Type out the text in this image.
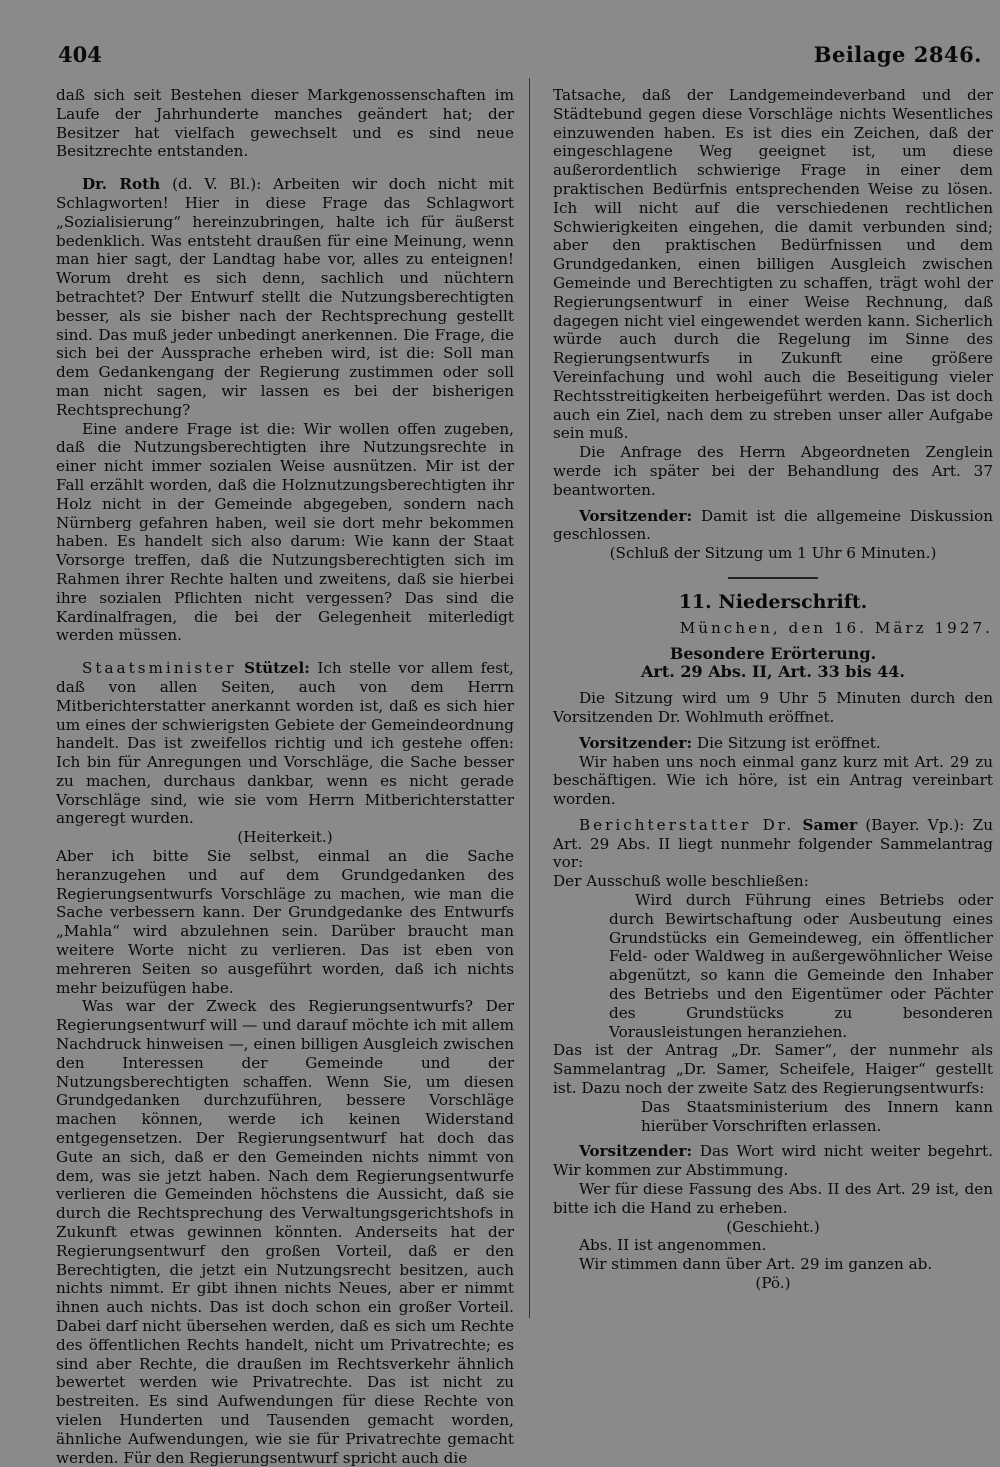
404	Beilage 2846.

daß sich seit Bestehen dieser Markgenossenschaften im Laufe der Jahrhunderte manches geändert hat; der Besitzer hat vielfach gewechselt und es sind neue Besitzrechte entstanden.

Dr. Roth (d. V. Bl.): Arbeiten wir doch nicht mit Schlagworten! Hier in diese Frage das Schlagwort „Sozialisierung“ hereinzubringen, halte ich für äußerst bedenklich. Was entsteht draußen für eine Meinung, wenn man hier sagt, der Landtag habe vor, alles zu enteignen! Worum dreht es sich denn, sachlich und nüchtern betrachtet? Der Entwurf stellt die Nutzungsberechtigten besser, als sie bisher nach der Rechtsprechung gestellt sind. Das muß jeder unbedingt anerkennen. Die Frage, die sich bei der Aussprache erheben wird, ist die: Soll man dem Gedankengang der Regierung zustimmen oder soll man nicht sagen, wir lassen es bei der bisherigen Rechtsprechung?

Eine andere Frage ist die: Wir wollen offen zugeben, daß die Nutzungsberechtigten ihre Nutzungsrechte in einer nicht immer sozialen Weise ausnützen. Mir ist der Fall erzählt worden, daß die Holznutzungsberechtigten ihr Holz nicht in der Gemeinde abgegeben, sondern nach Nürnberg gefahren haben, weil sie dort mehr bekommen haben. Es handelt sich also darum: Wie kann der Staat Vorsorge treffen, daß die Nutzungsberechtigten sich im Rahmen ihrer Rechte halten und zweitens, daß sie hierbei ihre sozialen Pflichten nicht vergessen? Das sind die Kardinalfragen, die bei der Gelegenheit miterledigt werden müssen.

Staatsminister Stützel: Ich stelle vor allem fest, daß von allen Seiten, auch von dem Herrn Mitberichterstatter anerkannt worden ist, daß es sich hier um eines der schwierigsten Gebiete der Gemeindeordnung handelt. Das ist zweifellos richtig und ich gestehe offen: Ich bin für Anregungen und Vorschläge, die Sache besser zu machen, durchaus dankbar, wenn es nicht gerade Vorschläge sind, wie sie vom Herrn Mitberichterstatter angeregt wurden.

(Heiterkeit.)

Aber ich bitte Sie selbst, einmal an die Sache heranzugehen und auf dem Grundgedanken des Regierungsentwurfs Vorschläge zu machen, wie man die Sache verbessern kann. Der Grundgedanke des Entwurfs „Mahla“ wird abzulehnen sein. Darüber braucht man weitere Worte nicht zu verlieren. Das ist eben von mehreren Seiten so ausgeführt worden, daß ich nichts mehr beizufügen habe.

Was war der Zweck des Regierungsentwurfs? Der Regierungsentwurf will — und darauf möchte ich mit allem Nachdruck hinweisen —, einen billigen Ausgleich zwischen den Interessen der Gemeinde und der Nutzungsberechtigten schaffen. Wenn Sie, um diesen Grundgedanken durchzuführen, bessere Vorschläge machen können, werde ich keinen Widerstand entgegensetzen. Der Regierungsentwurf hat doch das Gute an sich, daß er den Gemeinden nichts nimmt von dem, was sie jetzt haben. Nach dem Regierungsentwurfe verlieren die Gemeinden höchstens die Aussicht, daß sie durch die Rechtsprechung des Verwaltungsgerichtshofs in Zukunft etwas gewinnen könnten. Anderseits hat der Regierungsentwurf den großen Vorteil, daß er den Berechtigten, die jetzt ein Nutzungsrecht besitzen, auch nichts nimmt. Er gibt ihnen nichts Neues, aber er nimmt ihnen auch nichts. Das ist doch schon ein großer Vorteil. Dabei darf nicht übersehen werden, daß es sich um Rechte des öffentlichen Rechts handelt, nicht um Privatrechte; es sind aber Rechte, die draußen im Rechtsverkehr ähnlich bewertet werden wie Privatrechte. Das ist nicht zu bestreiten. Es sind Aufwendungen für diese Rechte von vielen Hunderten und Tausenden gemacht worden, ähnliche Aufwendungen, wie sie für Privatrechte gemacht werden. Für den Regierungsentwurf spricht auch die

Tatsache, daß der Landgemeindeverband und der Städtebund gegen diese Vorschläge nichts Wesentliches einzuwenden haben. Es ist dies ein Zeichen, daß der eingeschlagene Weg geeignet ist, um diese außerordentlich schwierige Frage in einer dem praktischen Bedürfnis entsprechenden Weise zu lösen. Ich will nicht auf die verschiedenen rechtlichen Schwierigkeiten eingehen, die damit verbunden sind; aber den praktischen Bedürfnissen und dem Grundgedanken, einen billigen Ausgleich zwischen Gemeinde und Berechtigten zu schaffen, trägt wohl der Regierungsentwurf in einer Weise Rechnung, daß dagegen nicht viel eingewendet werden kann. Sicherlich würde auch durch die Regelung im Sinne des Regierungsentwurfs in Zukunft eine größere Vereinfachung und wohl auch die Beseitigung vieler Rechtsstreitigkeiten herbeigeführt werden. Das ist doch auch ein Ziel, nach dem zu streben unser aller Aufgabe sein muß.

Die Anfrage des Herrn Abgeordneten Zenglein werde ich später bei der Behandlung des Art. 37 beantworten.

Vorsitzender: Damit ist die allgemeine Diskussion geschlossen.

(Schluß der Sitzung um 1 Uhr 6 Minuten.)

11. Niederschrift.

München, den 16. März 1927.

Besondere Erörterung.

Art. 29 Abs. II, Art. 33 bis 44.

Die Sitzung wird um 9 Uhr 5 Minuten durch den Vorsitzenden Dr. Wohlmuth eröffnet.

Vorsitzender: Die Sitzung ist eröffnet.

Wir haben uns noch einmal ganz kurz mit Art. 29 zu beschäftigen. Wie ich höre, ist ein Antrag vereinbart worden.

Berichterstatter Dr. Samer (Bayer. Vp.): Zu Art. 29 Abs. II liegt nunmehr folgender Sammelantrag vor:

Der Ausschuß wolle beschließen:

Wird durch Führung eines Betriebs oder durch Bewirtschaftung oder Ausbeutung eines Grundstücks ein Gemeindeweg, ein öffentlicher Feld- oder Waldweg in außergewöhnlicher Weise abgenützt, so kann die Gemeinde den Inhaber des Betriebs und den Eigentümer oder Pächter des Grundstücks zu besonderen Vorausleistungen heranziehen.

Das ist der Antrag „Dr. Samer“, der nunmehr als Sammelantrag „Dr. Samer, Scheifele, Haiger“ gestellt ist. Dazu noch der zweite Satz des Regierungsentwurfs:

Das Staatsministerium des Innern kann hierüber Vorschriften erlassen.

Vorsitzender: Das Wort wird nicht weiter begehrt. Wir kommen zur Abstimmung.

Wer für diese Fassung des Abs. II des Art. 29 ist, den bitte ich die Hand zu erheben.

(Geschieht.)

Abs. II ist angenommen.

Wir stimmen dann über Art. 29 im ganzen ab.

(Pö.)
